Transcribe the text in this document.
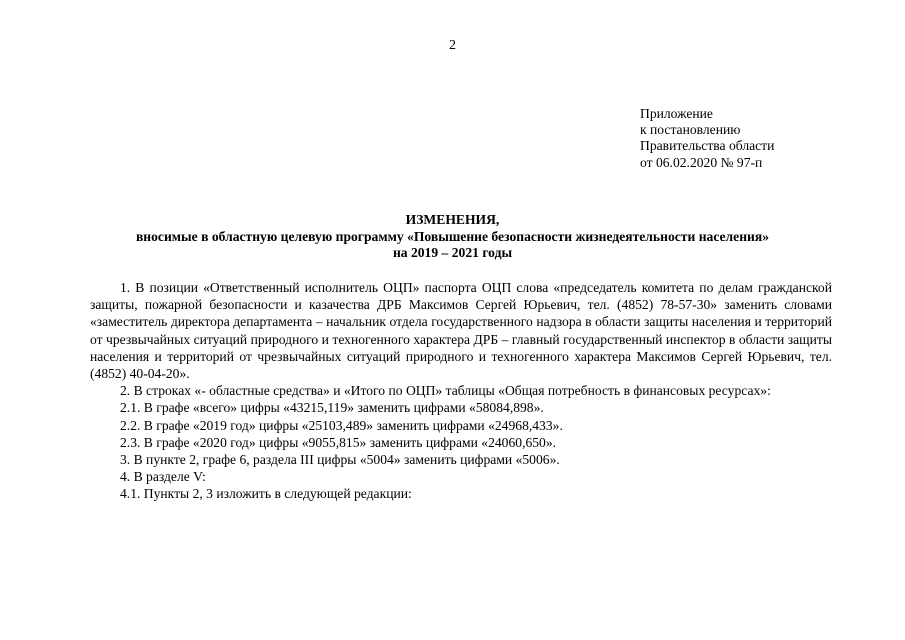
2
Приложение
к постановлению
Правительства области
от 06.02.2020 № 97-п
ИЗМЕНЕНИЯ,
вносимые в областную целевую программу «Повышение безопасности жизнедеятельности населения»
на 2019 – 2021 годы

1. В позиции «Ответственный исполнитель ОЦП» паспорта ОЦП слова «председатель комитета по делам гражданской защиты, пожарной безопасности и казачества ДРБ Максимов Сергей Юрьевич, тел. (4852) 78-57-30» заменить словами «заместитель директора департамента – начальник отдела государственного надзора в области защиты населения и территорий от чрезвычайных ситуаций природного и техногенного характера ДРБ – главный государственный инспектор в области защиты населения и территорий от чрезвычайных ситуаций природного и техногенного характера Максимов Сергей Юрьевич, тел. (4852) 40-04-20».

2. В строках «- областные средства» и «Итого по ОЦП» таблицы «Общая потребность в финансовых ресурсах»:

2.1. В графе «всего» цифры «43215,119» заменить цифрами «58084,898».

2.2. В графе «2019 год» цифры «25103,489» заменить цифрами «24968,433».

2.3. В графе «2020 год» цифры «9055,815» заменить цифрами «24060,650».

3. В пункте 2, графе 6, раздела III цифры «5004» заменить цифрами «5006».

4. В разделе V:

4.1. Пункты 2, 3 изложить в следующей редакции:
